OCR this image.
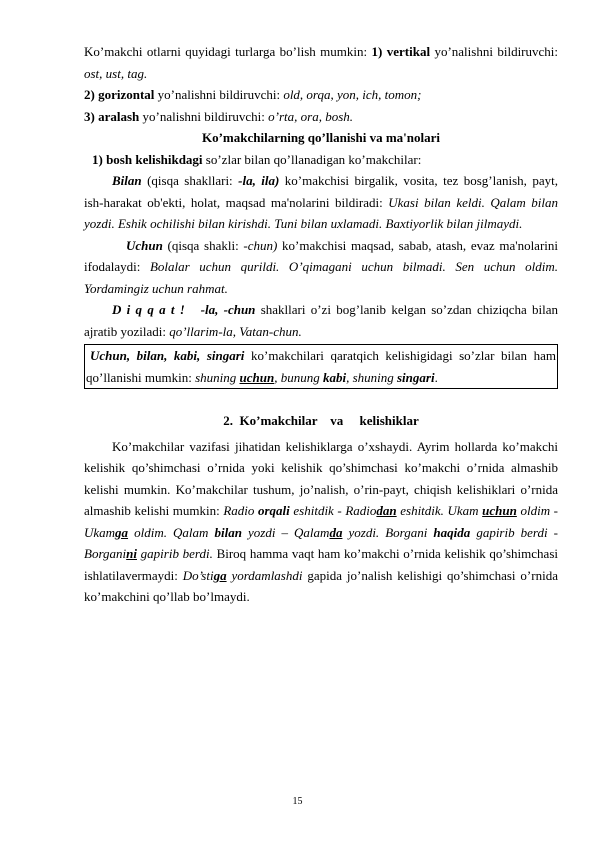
Ko’makchi otlarni quyidagi turlarga bo’lish mumkin: 1) vertikal yo’nalishni bildiruvchi: ost, ust, tag.

2) gorizontal yo’nalishni bildiruvchi: old, orqa, yon, ich, tomon;

3) aralash yo’nalishni bildiruvchi: o’rta, ora, bosh.

Ko’makchilarning qo’llanishi va ma'nolari

1) bosh kelishikdagi so’zlar bilan qo’llanadigan ko’makchilar:

Bilan (qisqa shakllari: -la, ila) ko’makchisi birgalik, vosita, tez bosg’lanish, payt, ish-harakat ob'ekti, holat, maqsad ma'nolarini bildiradi: Ukasi bilan keldi. Qalam bilan yozdi. Eshik ochilishi bilan kirishdi. Tuni bilan uxlamadi. Baxtiyorlik bilan jilmaydi.

Uchun (qisqa shakli: -chun) ko’makchisi maqsad, sabab, atash, evaz ma'nolarini ifodalaydi: Bolalar uchun qurildi. O’qimagani uchun bilmadi. Sen uchun oldim. Yordamingiz uchun rahmat.

D i q q a t ! -la, -chun shakllari o’zi bog’lanib kelgan so’zdan chiziqcha bilan ajratib yoziladi: qo’llarim-la, Vatan-chun.

Uchun, bilan, kabi, singari ko’makchilari qaratqich kelishigidagi so’zlar bilan ham qo’llanishi mumkin: shuning uchun, bunung kabi, shuning singari.

2.  Ko’makchilar    va     kelishiklar

Ko’makchilar vazifasi jihatidan kelishiklarga o’xshaydi. Ayrim hollarda ko’makchi kelishik qo’shimchasi o’rnida yoki kelishik qo’shimchasi ko’makchi o’rnida almashib kelishi mumkin. Ko’makchilar tushum, jo’nalish, o’rin-payt, chiqish kelishiklari o’rnida almashib kelishi mumkin: Radio orqali eshitdik - Radiodan eshitdik. Ukam uchun oldim - Ukamga oldim. Qalam bilan yozdi – Qalamda yozdi. Borgani haqida gapirib berdi - Borganini gapirib berdi. Biroq hamma vaqt ham ko’makchi o’rnida kelishik qo’shimchasi ishlatilavermaydi: Do’stiga yordamlashdi gapida jo’nalish kelishigi qo’shimchasi o’rnida ko’makchini qo’llab bo’lmaydi.

15
